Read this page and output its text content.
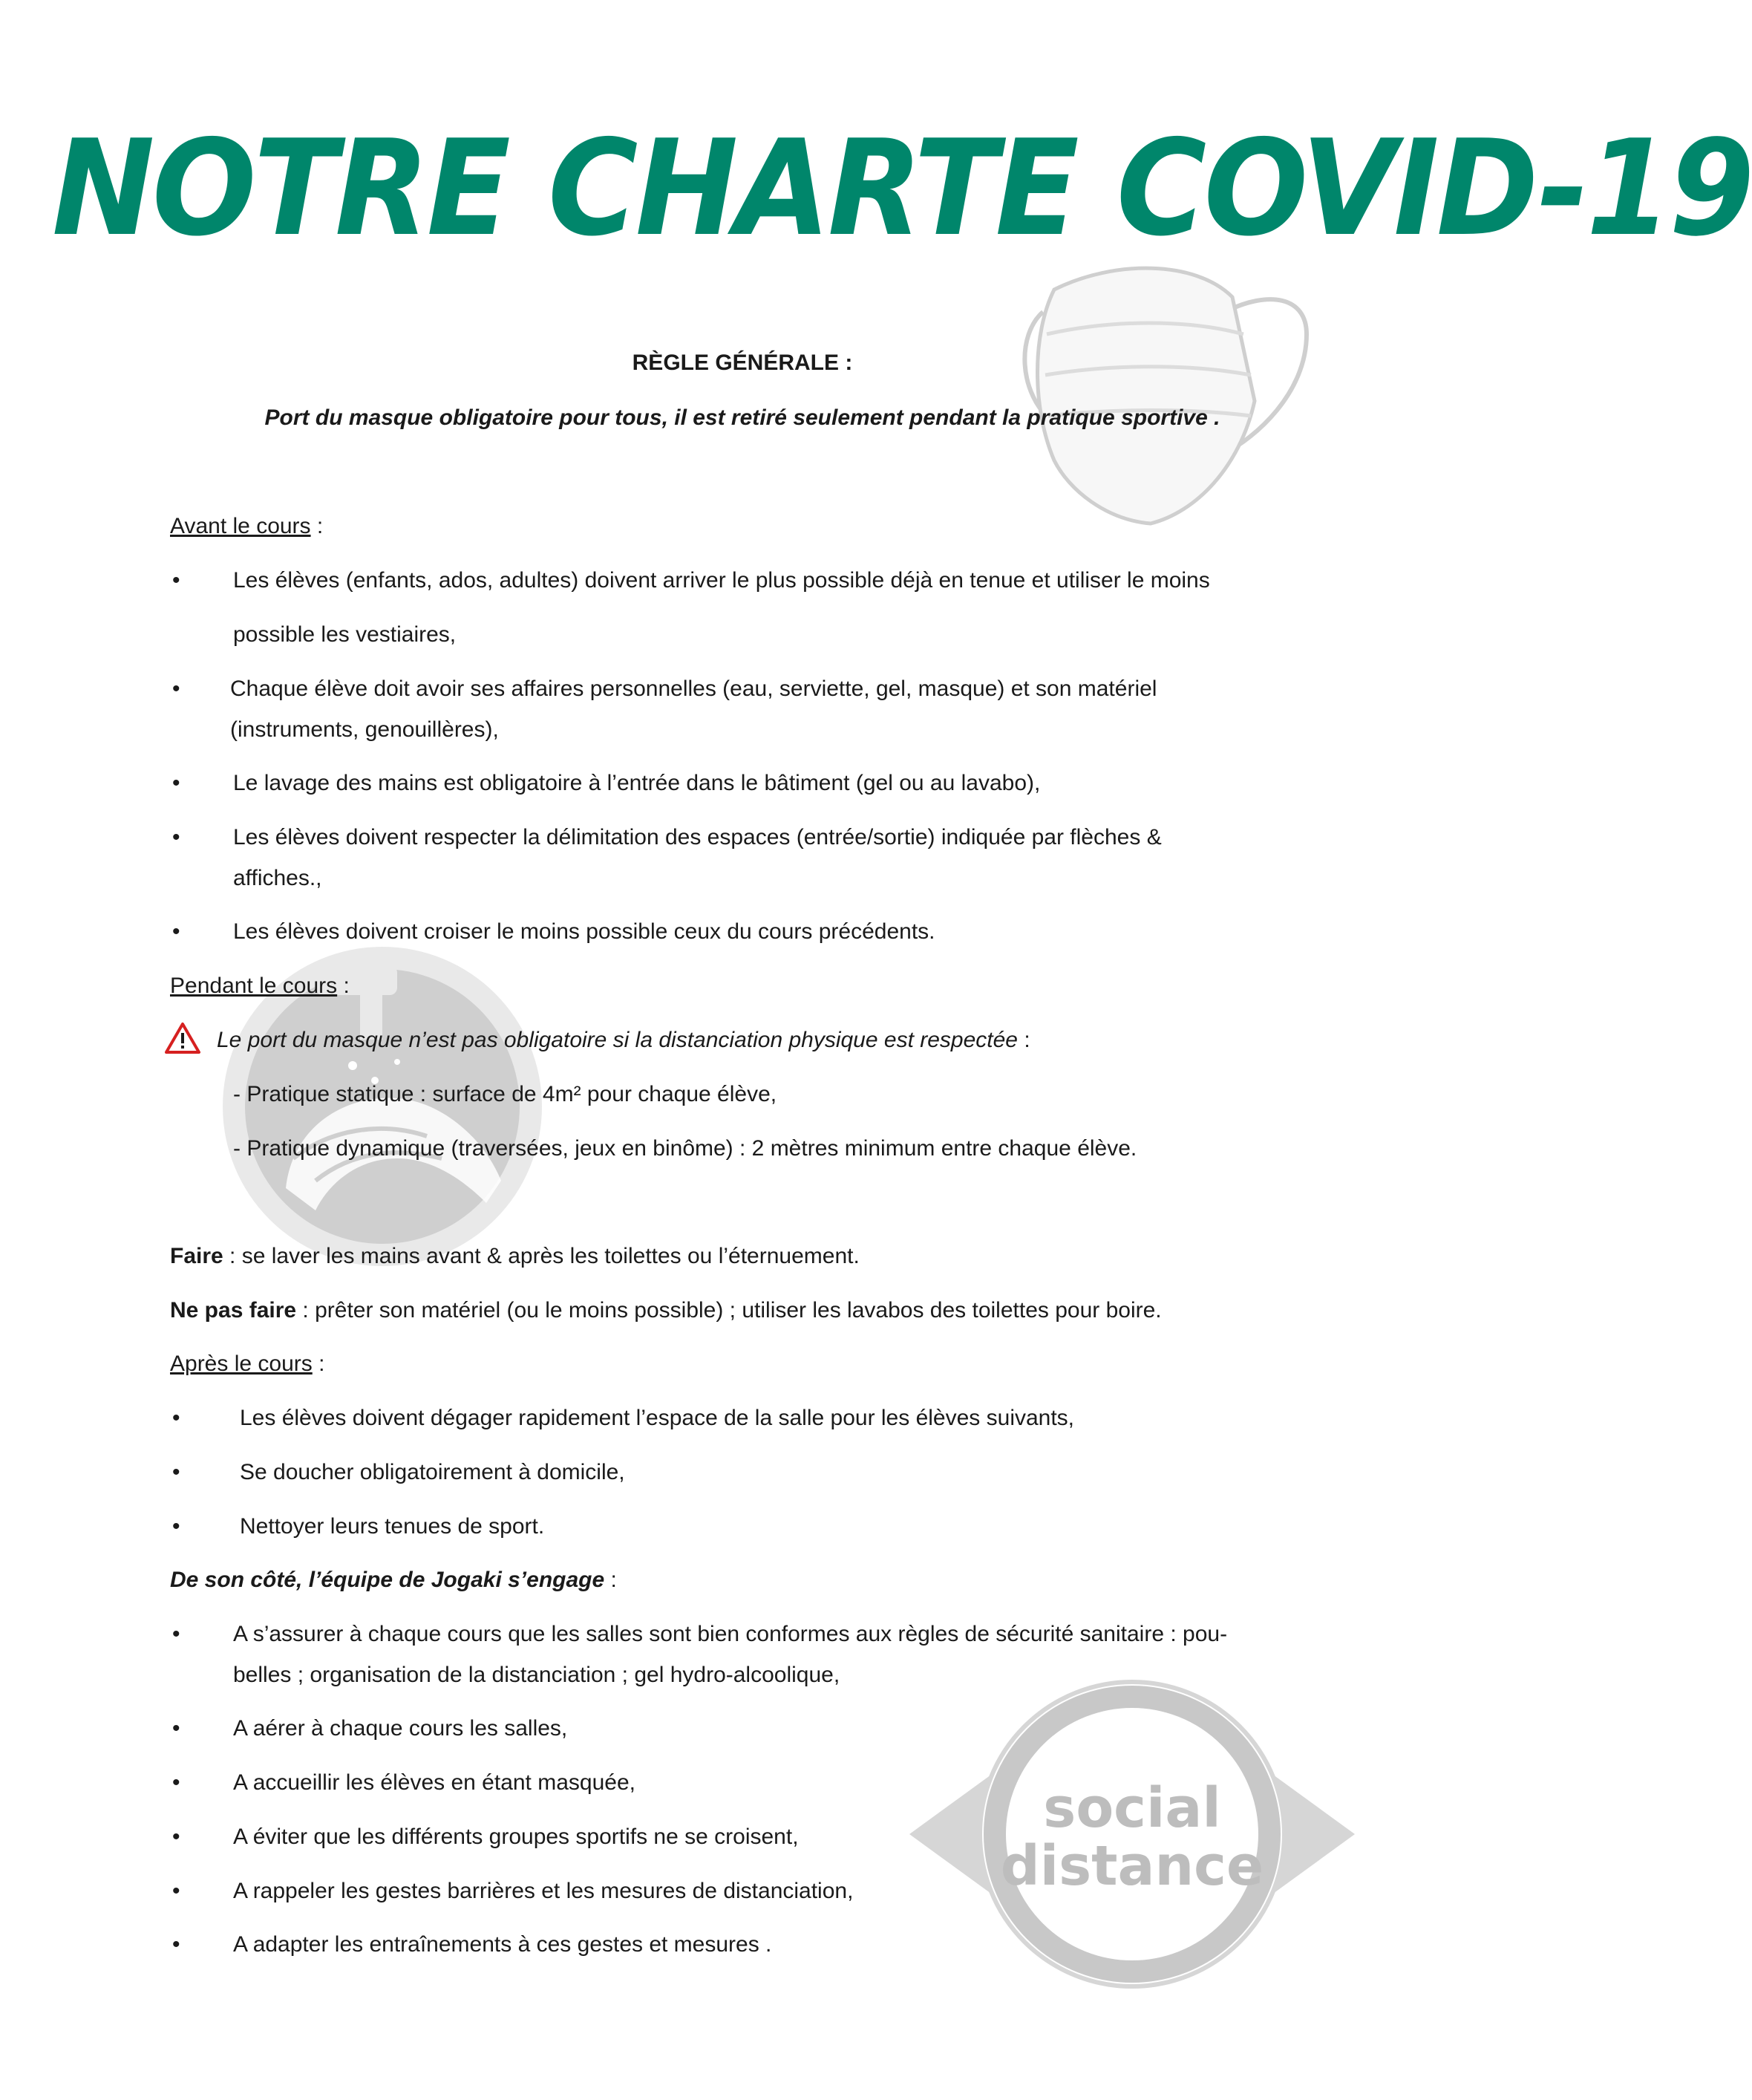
social
distance
NOTRE CHARTE COVID-19
RÈGLE GÉNÉRALE :
Port du masque obligatoire pour tous, il est retiré seulement pendant la pratique sportive .
Avant le cours :
• Les élèves (enfants, ados, adultes) doivent arriver le plus possible déjà en tenue et utiliser le moins
possible les vestiaires,
• Chaque élève doit avoir ses affaires personnelles (eau, serviette, gel, masque) et son matériel
(instruments, genouillères),
• Le lavage des mains est obligatoire à l’entrée dans le bâtiment (gel ou au lavabo),
• Les élèves doivent respecter la délimitation des espaces (entrée/sortie) indiquée par flèches &
affiches.,
• Les élèves doivent croiser le moins possible ceux du cours précédents.
Pendant le cours :
Le port du masque n’est pas obligatoire si la distanciation physique est respectée :
- Pratique statique : surface de 4m² pour chaque élève,
- Pratique dynamique (traversées, jeux en binôme) : 2 mètres minimum entre chaque élève.
Faire : se laver les mains avant & après les toilettes ou l’éternuement.
Ne pas faire : prêter son matériel (ou le moins possible) ; utiliser les lavabos des toilettes pour boire.
Après le cours :
•	Les élèves doivent dégager rapidement l’espace de la salle pour les élèves suivants,
•	Se doucher obligatoirement à domicile,
•	Nettoyer leurs tenues de sport.
De son côté, l’équipe de Jogaki s’engage :
• A s’assurer à chaque cours que les salles sont bien conformes aux règles de sécurité sanitaire : pou-
belles ; organisation de la distanciation ; gel hydro-alcoolique,
• A aérer à chaque cours les salles,
• A accueillir les élèves en étant masquée,
• A éviter que les différents groupes sportifs ne se croisent,
• A rappeler les gestes barrières et les mesures de distanciation,
• A adapter les entraînements à ces gestes et mesures .
